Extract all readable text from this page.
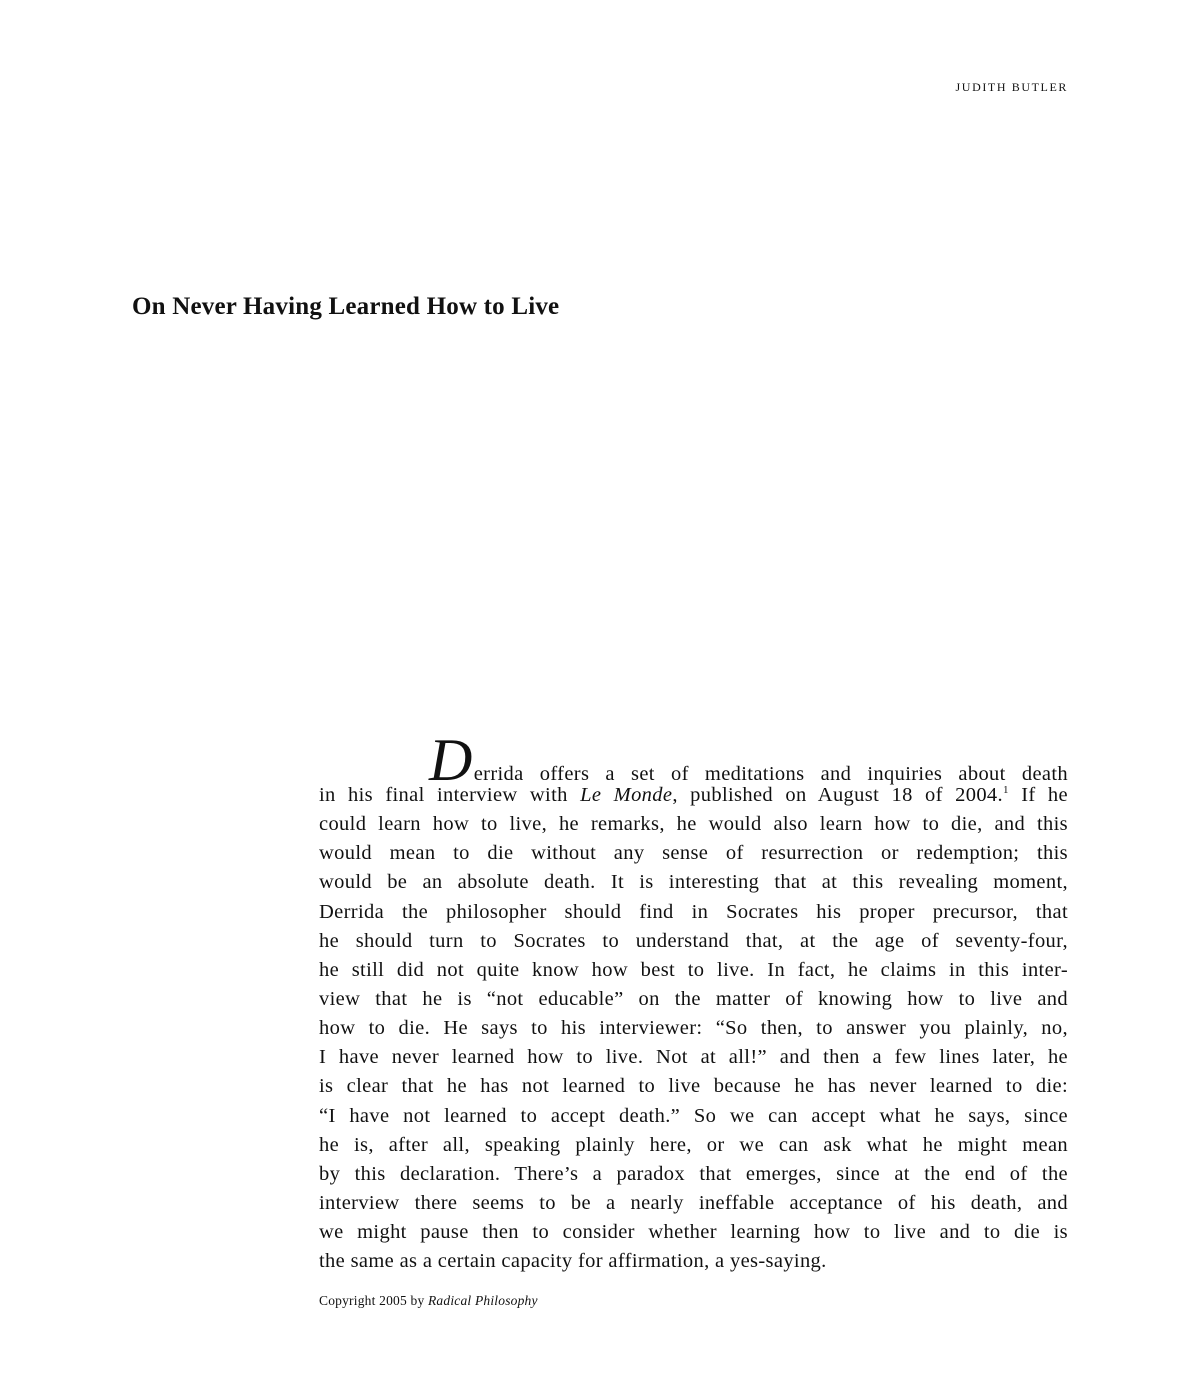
JUDITH BUTLER
On Never Having Learned How to Live
Derrida offers a set of meditations and inquiries about death
in his final interview with Le Monde, published on August 18 of 2004.$^1$ If he
could learn how to live, he remarks, he would also learn how to die, and this
would mean to die without any sense of resurrection or redemption; this
would be an absolute death. It is interesting that at this revealing moment,
Derrida the philosopher should find in Socrates his proper precursor, that
he should turn to Socrates to understand that, at the age of seventy-four,
he still did not quite know how best to live. In fact, he claims in this inter-
view that he is “not educable” on the matter of knowing how to live and
how to die. He says to his interviewer: “So then, to answer you plainly, no,
I have never learned how to live. Not at all!” and then a few lines later, he
is clear that he has not learned to live because he has never learned to die:
“I have not learned to accept death.” So we can accept what he says, since
he is, after all, speaking plainly here, or we can ask what he might mean
by this declaration. There’s a paradox that emerges, since at the end of the
interview there seems to be a nearly ineffable acceptance of his death, and
we might pause then to consider whether learning how to live and to die is
the same as a certain capacity for affirmation, a yes-saying.
Copyright 2005 by Radical Philosophy
